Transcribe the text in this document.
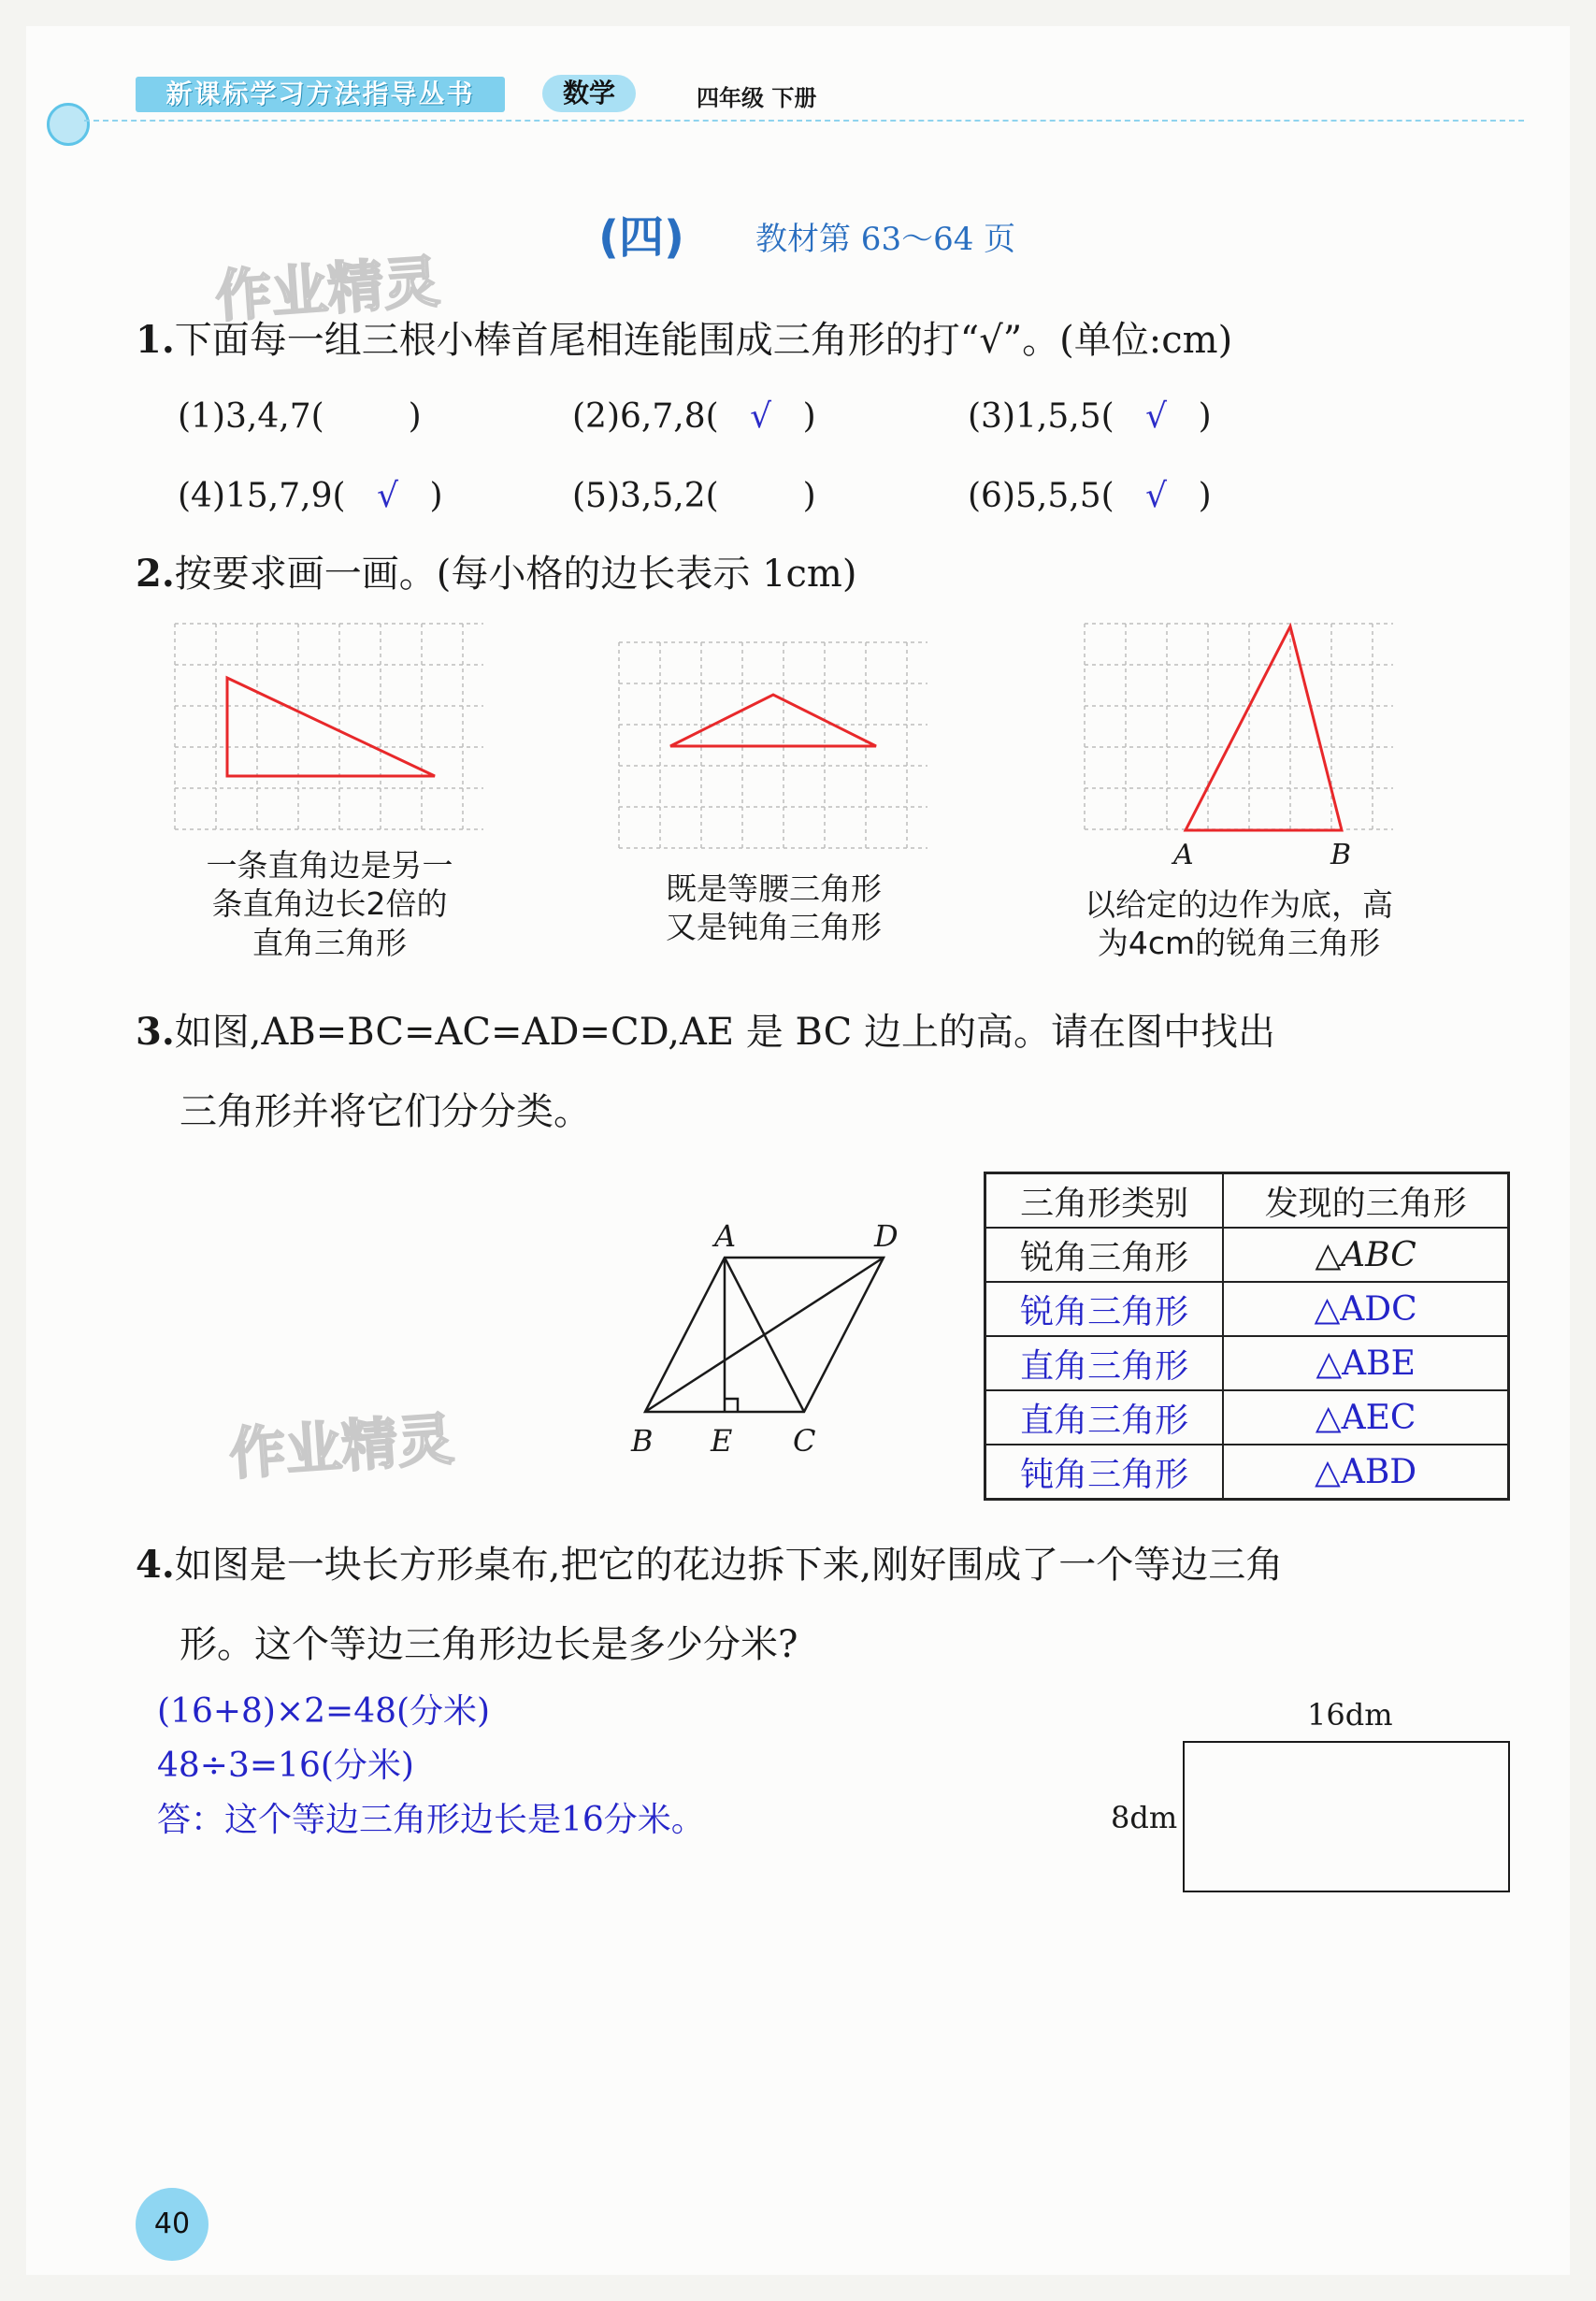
新课标学习方法指导丛书	数学	四年级 下册
(四) 教材第 63～64 页
作业精灵
作业精灵
1.下面每一组三根小棒首尾相连能围成三角形的打“√”。(单位:cm)
(1)3,4,7(	)	(2)6,7,8( √ )	(3)1,5,5( √ )
(4)15,7,9( √ )	(5)3,5,2(	)	(6)5,5,5( √ )
2.按要求画一画。(每小格的边长表示 1cm)
一条直角边是另一
条直角边长2倍的
直角三角形
既是等腰三角形
又是钝角三角形
A	B
以给定的边作为底，高
为4cm的锐角三角形
3.如图,AB=BC=AC=AD=CD,AE 是 BC 边上的高。请在图中找出
三角形并将它们分分类。
A	D
B E C
三角形类别	发现的三角形
锐角三角形	△ABC
锐角三角形	△ADC
直角三角形	△ABE
直角三角形	△AEC
钝角三角形	△ABD
4.如图是一块长方形桌布,把它的花边拆下来,刚好围成了一个等边三角
形。这个等边三角形边长是多少分米?
(16+8)×2=48(分米)
48÷3=16(分米)
答：这个等边三角形边长是16分米。
16dm
8dm
40
